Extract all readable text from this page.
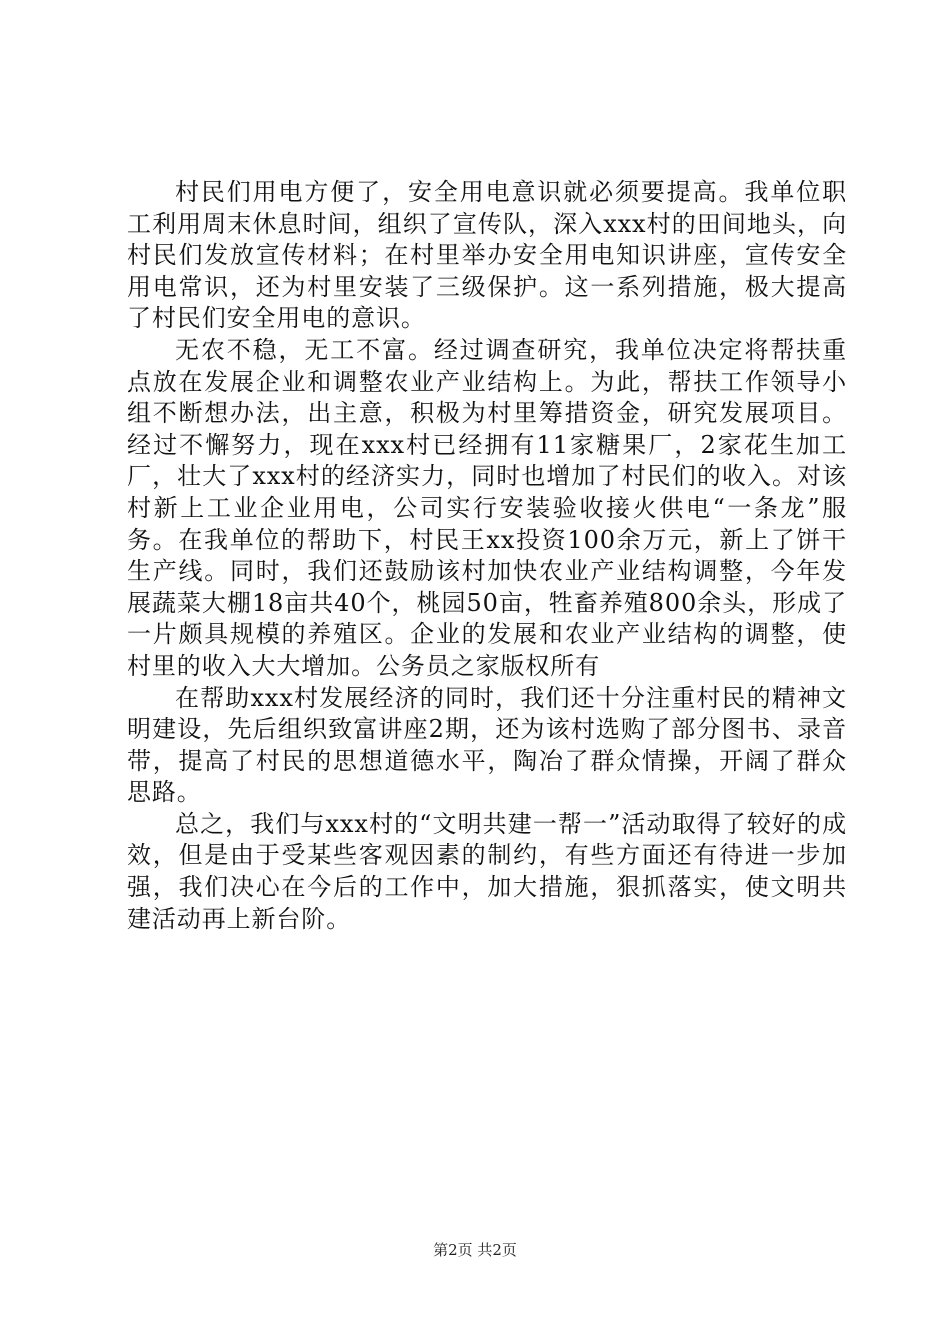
村民们用电方便了，安全用电意识就必须要提高。我单位职工利用周末休息时间，组织了宣传队，深入xxx村的田间地头，向村民们发放宣传材料；在村里举办安全用电知识讲座，宣传安全用电常识，还为村里安装了三级保护。这一系列措施，极大提高了村民们安全用电的意识。

无农不稳，无工不富。经过调查研究，我单位决定将帮扶重点放在发展企业和调整农业产业结构上。为此，帮扶工作领导小组不断想办法，出主意，积极为村里筹措资金，研究发展项目。经过不懈努力，现在xxx村已经拥有11家糖果厂，2家花生加工厂，壮大了xxx村的经济实力，同时也增加了村民们的收入。对该村新上工业企业用电，公司实行安装验收接火供电“一条龙”服务。在我单位的帮助下，村民王xx投资100余万元，新上了饼干生产线。同时，我们还鼓励该村加快农业产业结构调整，今年发展蔬菜大棚18亩共40个，桃园50亩，牲畜养殖800余头，形成了一片颇具规模的养殖区。企业的发展和农业产业结构的调整，使村里的收入大大增加。公务员之家版权所有

在帮助xxx村发展经济的同时，我们还十分注重村民的精神文明建设，先后组织致富讲座2期，还为该村选购了部分图书、录音带，提高了村民的思想道德水平，陶冶了群众情操，开阔了群众思路。

总之，我们与xxx村的“文明共建一帮一”活动取得了较好的成效，但是由于受某些客观因素的制约，有些方面还有待进一步加强，我们决心在今后的工作中，加大措施，狠抓落实，使文明共建活动再上新台阶。

第2页 共2页
